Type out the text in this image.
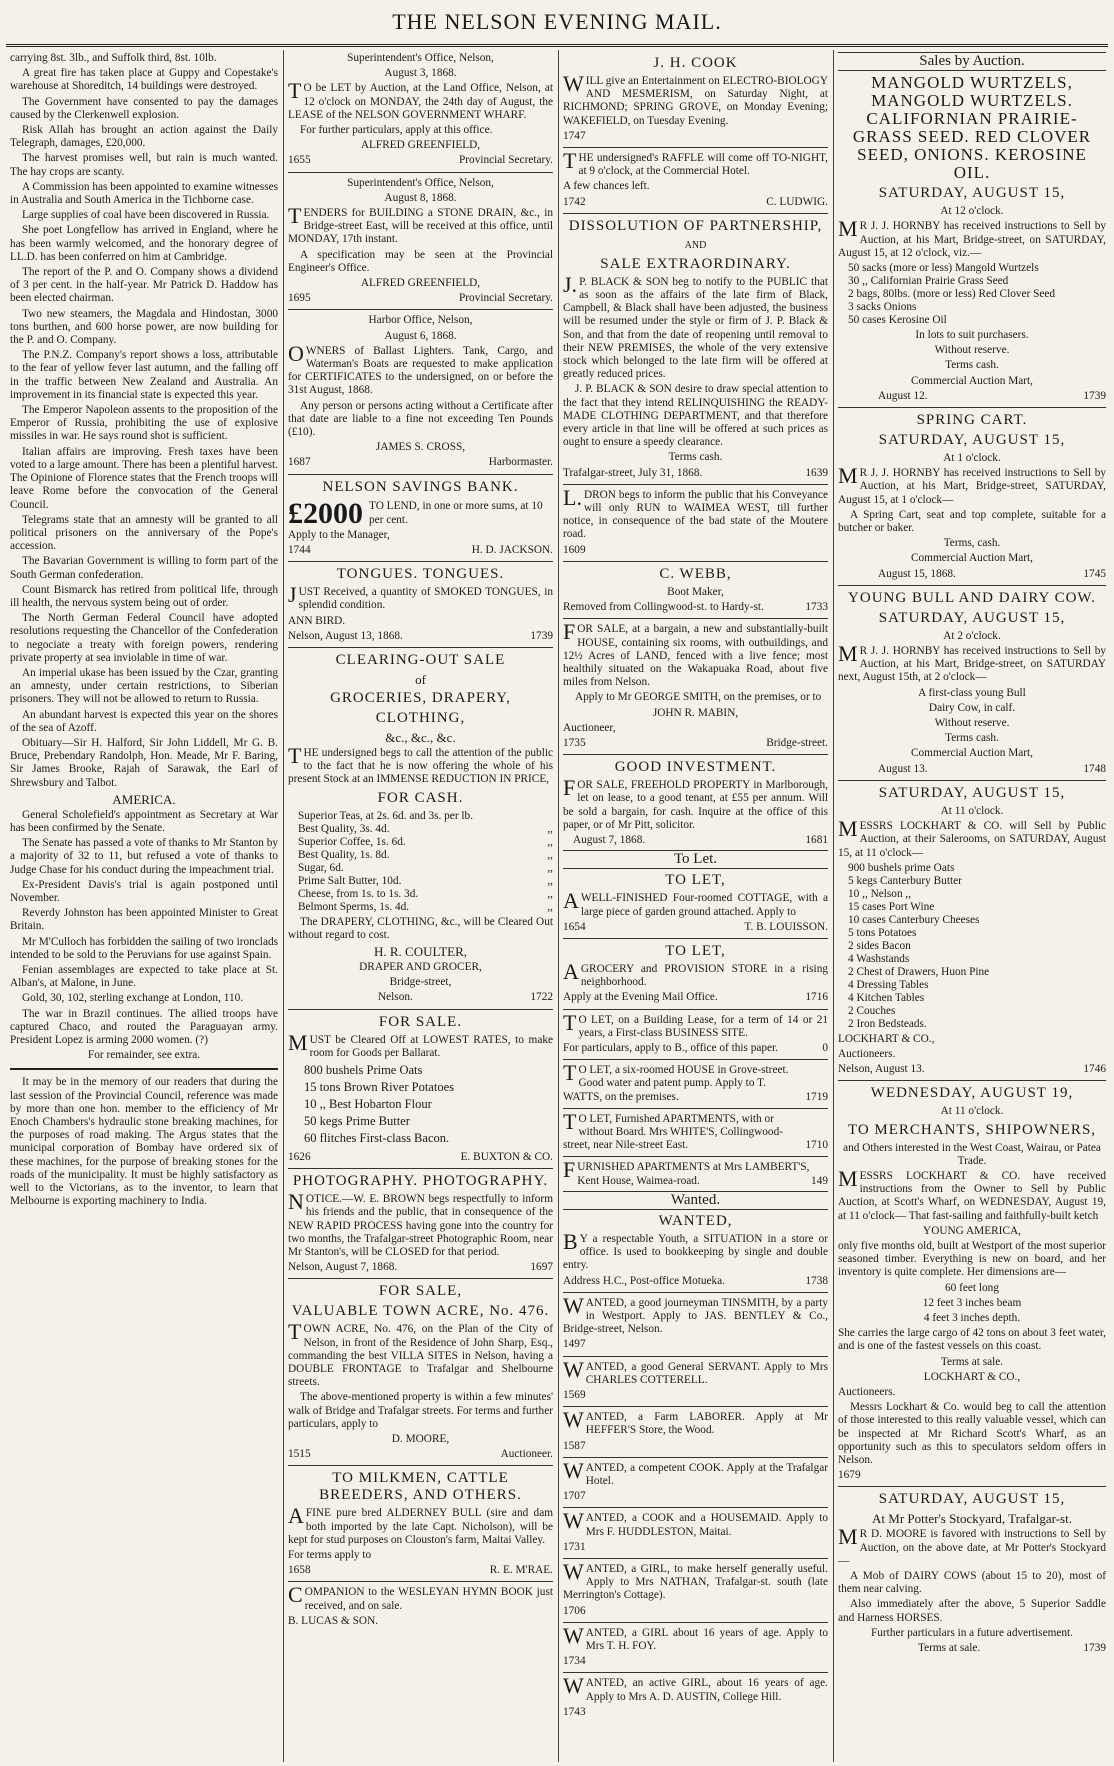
THE NELSON EVENING MAIL.

carrying 8st. 3lb., and Suffolk third, 8st. 10lb.

A great fire has taken place at Guppy and Copestake's warehouse at Shoreditch, 14 buildings were destroyed.

The Government have consented to pay the damages caused by the Clerkenwell explosion.

Risk Allah has brought an action against the Daily Telegraph, damages, £20,000.

The harvest promises well, but rain is much wanted. The hay crops are scanty.

A Commission has been appointed to examine witnesses in Australia and South America in the Tichborne case.

Large supplies of coal have been discovered in Russia.

She poet Longfellow has arrived in England, where he has been warmly welcomed, and the honorary degree of LL.D. has been conferred on him at Cambridge.

The report of the P. and O. Company shows a dividend of 3 per cent. in the half-year. Mr Patrick D. Haddow has been elected chairman.

Two new steamers, the Magdala and Hindostan, 3000 tons burthen, and 600 horse power, are now building for the P. and O. Company.

The P.N.Z. Company's report shows a loss, attributable to the fear of yellow fever last autumn, and the falling off in the traffic between New Zealand and Australia. An improvement in its financial state is expected this year.

The Emperor Napoleon assents to the proposition of the Emperor of Russia, prohibiting the use of explosive missiles in war. He says round shot is sufficient.

Italian affairs are improving. Fresh taxes have been voted to a large amount. There has been a plentiful harvest. The Opinione of Florence states that the French troops will leave Rome before the convocation of the General Council.

Telegrams state that an amnesty will be granted to all political prisoners on the anniversary of the Pope's accession.

The Bavarian Government is willing to form part of the South German confederation.

Count Bismarck has retired from political life, through ill health, the nervous system being out of order.

The North German Federal Council have adopted resolutions requesting the Chancellor of the Confederation to negociate a treaty with foreign powers, rendering private property at sea inviolable in time of war.

An imperial ukase has been issued by the Czar, granting an amnesty, under certain restrictions, to Siberian prisoners. They will not be allowed to return to Russia.

An abundant harvest is expected this year on the shores of the sea of Azoff.

Obituary—Sir H. Halford, Sir John Liddell, Mr G. B. Bruce, Prebendary Randolph, Hon. Meade, Mr F. Baring, Sir James Brooke, Rajah of Sarawak, the Earl of Shrewsbury and Talbot.

AMERICA.

General Scholefield's appointment as Secretary at War has been confirmed by the Senate.

The Senate has passed a vote of thanks to Mr Stanton by a majority of 32 to 11, but refused a vote of thanks to Judge Chase for his conduct during the impeachment trial.

Ex-President Davis's trial is again postponed until November.

Reverdy Johnston has been appointed Minister to Great Britain.

Mr M'Culloch has forbidden the sailing of two ironclads intended to be sold to the Peruvians for use against Spain.

Fenian assemblages are expected to take place at St. Alban's, at Malone, in June.

Gold, 30, 102, sterling exchange at London, 110.

The war in Brazil continues. The allied troops have captured Chaco, and routed the Paraguayan army. President Lopez is arming 2000 women. (?)

For remainder, see extra.

It may be in the memory of our readers that during the last session of the Provincial Council, reference was made by more than one hon. member to the efficiency of Mr Enoch Chambers's hydraulic stone breaking machines, for the purposes of road making. The Argus states that the municipal corporation of Bombay have ordered six of these machines, for the purpose of breaking stones for the roads of the municipality. It must be highly satisfactory as well to the Victorians, as to the inventor, to learn that Melbourne is exporting machinery to India.

Superintendent's Office, Nelson,

August 3, 1868.

TO be LET by Auction, at the Land Office, Nelson, at 12 o'clock on MONDAY, the 24th day of August, the LEASE of the NELSON GOVERNMENT WHARF.

For further particulars, apply at this office.

ALFRED GREENFIELD,

1655	Provincial Secretary.

Superintendent's Office, Nelson,

August 8, 1868.

TENDERS for BUILDING a STONE DRAIN, &c., in Bridge-street East, will be received at this office, until MONDAY, 17th instant.

A specification may be seen at the Provincial Engineer's Office.

ALFRED GREENFIELD,

1695	Provincial Secretary.

Harbor Office, Nelson,

August 6, 1868.

OWNERS of Ballast Lighters. Tank, Cargo, and Waterman's Boats are requested to make application for CERTIFICATES to the undersigned, on or before the 31st August, 1868.

Any person or persons acting without a Certificate after that date are liable to a fine not exceeding Ten Pounds (£10).

JAMES S. CROSS,

1687	Harbormaster.
NELSON SAVINGS BANK.
£2000 TO LEND, in one or more sums, at 10 per cent.

Apply to the Manager,

1744	H. D. JACKSON.
TONGUES. TONGUES.

JUST Received, a quantity of SMOKED TONGUES, in splendid condition.

ANN BIRD.

Nelson, August 13, 1868.	1739
CLEARING-OUT SALE
of
GROCERIES, DRAPERY,
CLOTHING,
&c., &c., &c.

THE undersigned begs to call the attention of the public to the fact that he is now offering the whole of his present Stock at an IMMENSE REDUCTION IN PRICE,

FOR CASH.
Superior Teas, at 2s. 6d. and 3s. per lb.
Best Quality, 3s. 4d.	,,
Superior Coffee, 1s. 6d.	,,
Best Quality, 1s. 8d.	,,
Sugar, 6d.	,,
Prime Salt Butter, 10d.	,,
Cheese, from 1s. to 1s. 3d.	,,
Belmont Sperms, 1s. 4d.	,,

The DRAPERY, CLOTHING, &c., will be Cleared Out without regard to cost.

H. R. COULTER,

DRAPER AND GROCER,

Bridge-street,

Nelson.	1722
FOR SALE.

MUST be Cleared Off at LOWEST RATES, to make room for Goods per Ballarat.

800 bushels Prime Oats
15 tons Brown River Potatoes
10 ,, Best Hobarton Flour
50 kegs Prime Butter
60 flitches First-class Bacon.
1626	E. BUXTON & CO.
PHOTOGRAPHY. PHOTOGRAPHY.

NOTICE.—W. E. BROWN begs respectfully to inform his friends and the public, that in consequence of the NEW RAPID PROCESS having gone into the country for two months, the Trafalgar-street Photographic Room, near Mr Stanton's, will be CLOSED for that period.

Nelson, August 7, 1868.	1697
FOR SALE,
VALUABLE TOWN ACRE, No. 476.

TOWN ACRE, No. 476, on the Plan of the City of Nelson, in front of the Residence of John Sharp, Esq., commanding the best VILLA SITES in Nelson, having a DOUBLE FRONTAGE to Trafalgar and Shelbourne streets.

The above-mentioned property is within a few minutes' walk of Bridge and Trafalgar streets. For terms and further particulars, apply to

D. MOORE,

1515	Auctioneer.
TO MILKMEN, CATTLE BREEDERS, AND OTHERS.

AFINE pure bred ALDERNEY BULL (sire and dam both imported by the late Capt. Nicholson), will be kept for stud purposes on Clouston's farm, Maitai Valley.

For terms apply to

1658	R. E. M'RAE.

COMPANION to the WESLEYAN HYMN BOOK just received, and on sale.

B. LUCAS & SON.

J. H. COOK

WILL give an Entertainment on ELECTRO-BIOLOGY AND MESMERISM, on Saturday Night, at RICHMOND; SPRING GROVE, on Monday Evening; WAKEFIELD, on Tuesday Evening.

1747

THE undersigned's RAFFLE will come off TO-NIGHT, at 9 o'clock, at the Commercial Hotel.

A few chances left.

1742	C. LUDWIG.
DISSOLUTION OF PARTNERSHIP,
AND
SALE EXTRAORDINARY.

J.P. BLACK & SON beg to notify to the PUBLIC that as soon as the affairs of the late firm of Black, Campbell, & Black shall have been adjusted, the business will be resumed under the style or firm of J. P. Black & Son, and that from the date of reopening until removal to their NEW PREMISES, the whole of the very extensive stock which belonged to the late firm will be offered at greatly reduced prices.

J. P. BLACK & SON desire to draw special attention to the fact that they intend RELINQUISHING the READY-MADE CLOTHING DEPARTMENT, and that therefore every article in that line will be offered at such prices as ought to ensure a speedy clearance.

Terms cash.

Trafalgar-street, July 31, 1868.	1639

L.DRON begs to inform the public that his Conveyance will only RUN to WAIMEA WEST, till further notice, in consequence of the bad state of the Moutere road.

1609

C. WEBB,

Boot Maker,

Removed from Collingwood-st. to Hardy-st.	1733

FOR SALE, at a bargain, a new and substantially-built HOUSE, containing six rooms, with outbuildings, and 12½ Acres of LAND, fenced with a live fence; most healthily situated on the Wakapuaka Road, about five miles from Nelson.

Apply to Mr GEORGE SMITH, on the premises, or to

JOHN R. MABIN,

Auctioneer,

1735	Bridge-street.
GOOD INVESTMENT.

FOR SALE, FREEHOLD PROPERTY in Marlborough, let on lease, to a good tenant, at £55 per annum. Will be sold a bargain, for cash. Inquire at the office of this paper, or of Mr Pitt, solicitor.

August 7, 1868.	1681
To Let.
TO LET,

AWELL-FINISHED Four-roomed COTTAGE, with a large piece of garden ground attached. Apply to

1654	T. B. LOUISSON.
TO LET,

AGROCERY and PROVISION STORE in a rising neighborhood.

Apply at the Evening Mail Office.	1716

TO LET, on a Building Lease, for a term of 14 or 21 years, a First-class BUSINESS SITE.

For particulars, apply to B., office of this paper.	0
TO LET, a six-roomed HOUSE in Grove-street. Good water and patent pump. Apply to T. WATTS, on the premises.	1719
TO LET, Furnished APARTMENTS, with or without Board. Mrs WHITE'S, Collingwood-street, near Nile-street East.	1710
FURNISHED APARTMENTS at Mrs LAMBERT'S, Kent House, Waimea-road.	149
Wanted.
WANTED,

BY a respectable Youth, a SITUATION in a store or office. Is used to bookkeeping by single and double entry.

Address H.C., Post-office Motueka.	1738

WANTED, a good journeyman TINSMITH, by a party in Westport. Apply to JAS. BENTLEY & Co., Bridge-street, Nelson.

1497

WANTED, a good General SERVANT. Apply to Mrs CHARLES COTTERELL.

1569

WANTED, a Farm LABORER. Apply at Mr HEFFER'S Store, the Wood.

1587

WANTED, a competent COOK. Apply at the Trafalgar Hotel.

1707

WANTED, a COOK and a HOUSEMAID. Apply to Mrs F. HUDDLESTON, Maitai.

1731

WANTED, a GIRL, to make herself generally useful. Apply to Mrs NATHAN, Trafalgar-st. south (late Merrington's Cottage).

1706

WANTED, a GIRL about 16 years of age. Apply to Mrs T. H. FOY.

1734

WANTED, an active GIRL, about 16 years of age. Apply to Mrs A. D. AUSTIN, College Hill.

1743

Sales by Auction.
MANGOLD WURTZELS, MANGOLD WURTZELS. CALIFORNIAN PRAIRIE-GRASS SEED. RED CLOVER SEED, ONIONS. KEROSINE OIL.
SATURDAY, AUGUST 15,

At 12 o'clock.

MR J. J. HORNBY has received instructions to Sell by Auction, at his Mart, Bridge-street, on SATURDAY, August 15, at 12 o'clock, viz.—

50 sacks (more or less) Mangold Wurtzels
30 ,, Californian Prairie Grass Seed
2 bags, 80lbs. (more or less) Red Clover Seed
3 sacks Onions
50 cases Kerosine Oil

In lots to suit purchasers.

Without reserve.

Terms cash.

Commercial Auction Mart,

August 12.	1739
SPRING CART.
SATURDAY, AUGUST 15,

At 1 o'clock.

MR J. J. HORNBY has received instructions to Sell by Auction, at his Mart, Bridge-street, SATURDAY, August 15, at 1 o'clock—

A Spring Cart, seat and top complete, suitable for a butcher or baker.

Terms, cash.

Commercial Auction Mart,

August 15, 1868.	1745
YOUNG BULL AND DAIRY COW.
SATURDAY, AUGUST 15,

At 2 o'clock.

MR J. J. HORNBY has received instructions to Sell by Auction, at his Mart, Bridge-street, on SATURDAY next, August 15th, at 2 o'clock—

A first-class young Bull

Dairy Cow, in calf.

Without reserve.

Terms cash.

Commercial Auction Mart,

August 13.	1748
SATURDAY, AUGUST 15,

At 11 o'clock.

MESSRS LOCKHART & CO. will Sell by Public Auction, at their Salerooms, on SATURDAY, August 15, at 11 o'clock—

900 bushels prime Oats
5 kegs Canterbury Butter
10 ,, Nelson ,,
15 cases Port Wine
10 cases Canterbury Cheeses
5 tons Potatoes
2 sides Bacon
4 Washstands
2 Chest of Drawers, Huon Pine
4 Dressing Tables
4 Kitchen Tables
2 Couches
2 Iron Bedsteads.

LOCKHART & CO.,

Auctioneers.

Nelson, August 13.	1746
WEDNESDAY, AUGUST 19,

At 11 o'clock.

TO MERCHANTS, SHIPOWNERS,

and Others interested in the West Coast, Wairau, or Patea Trade.

MESSRS LOCKHART & CO. have received instructions from the Owner to Sell by Public Auction, at Scott's Wharf, on WEDNESDAY, August 19, at 11 o'clock— That fast-sailing and faithfully-built ketch

YOUNG AMERICA,

only five months old, built at Westport of the most superior seasoned timber. Everything is new on board, and her inventory is quite complete. Her dimensions are—

60 feet long

12 feet 3 inches beam

4 feet 3 inches depth.

She carries the large cargo of 42 tons on about 3 feet water, and is one of the fastest vessels on this coast.

Terms at sale.

LOCKHART & CO.,

Auctioneers.

Messrs Lockhart & Co. would beg to call the attention of those interested to this really valuable vessel, which can be inspected at Mr Richard Scott's Wharf, as an opportunity such as this to speculators seldom offers in Nelson.

1679

SATURDAY, AUGUST 15,
At Mr Potter's Stockyard, Trafalgar-st.

MR D. MOORE is favored with instructions to Sell by Auction, on the above date, at Mr Potter's Stockyard—

A Mob of DAIRY COWS (about 15 to 20), most of them near calving.

Also immediately after the above, 5 Superior Saddle and Harness HORSES.

Further particulars in a future advertisement.

Terms at sale.	1739
